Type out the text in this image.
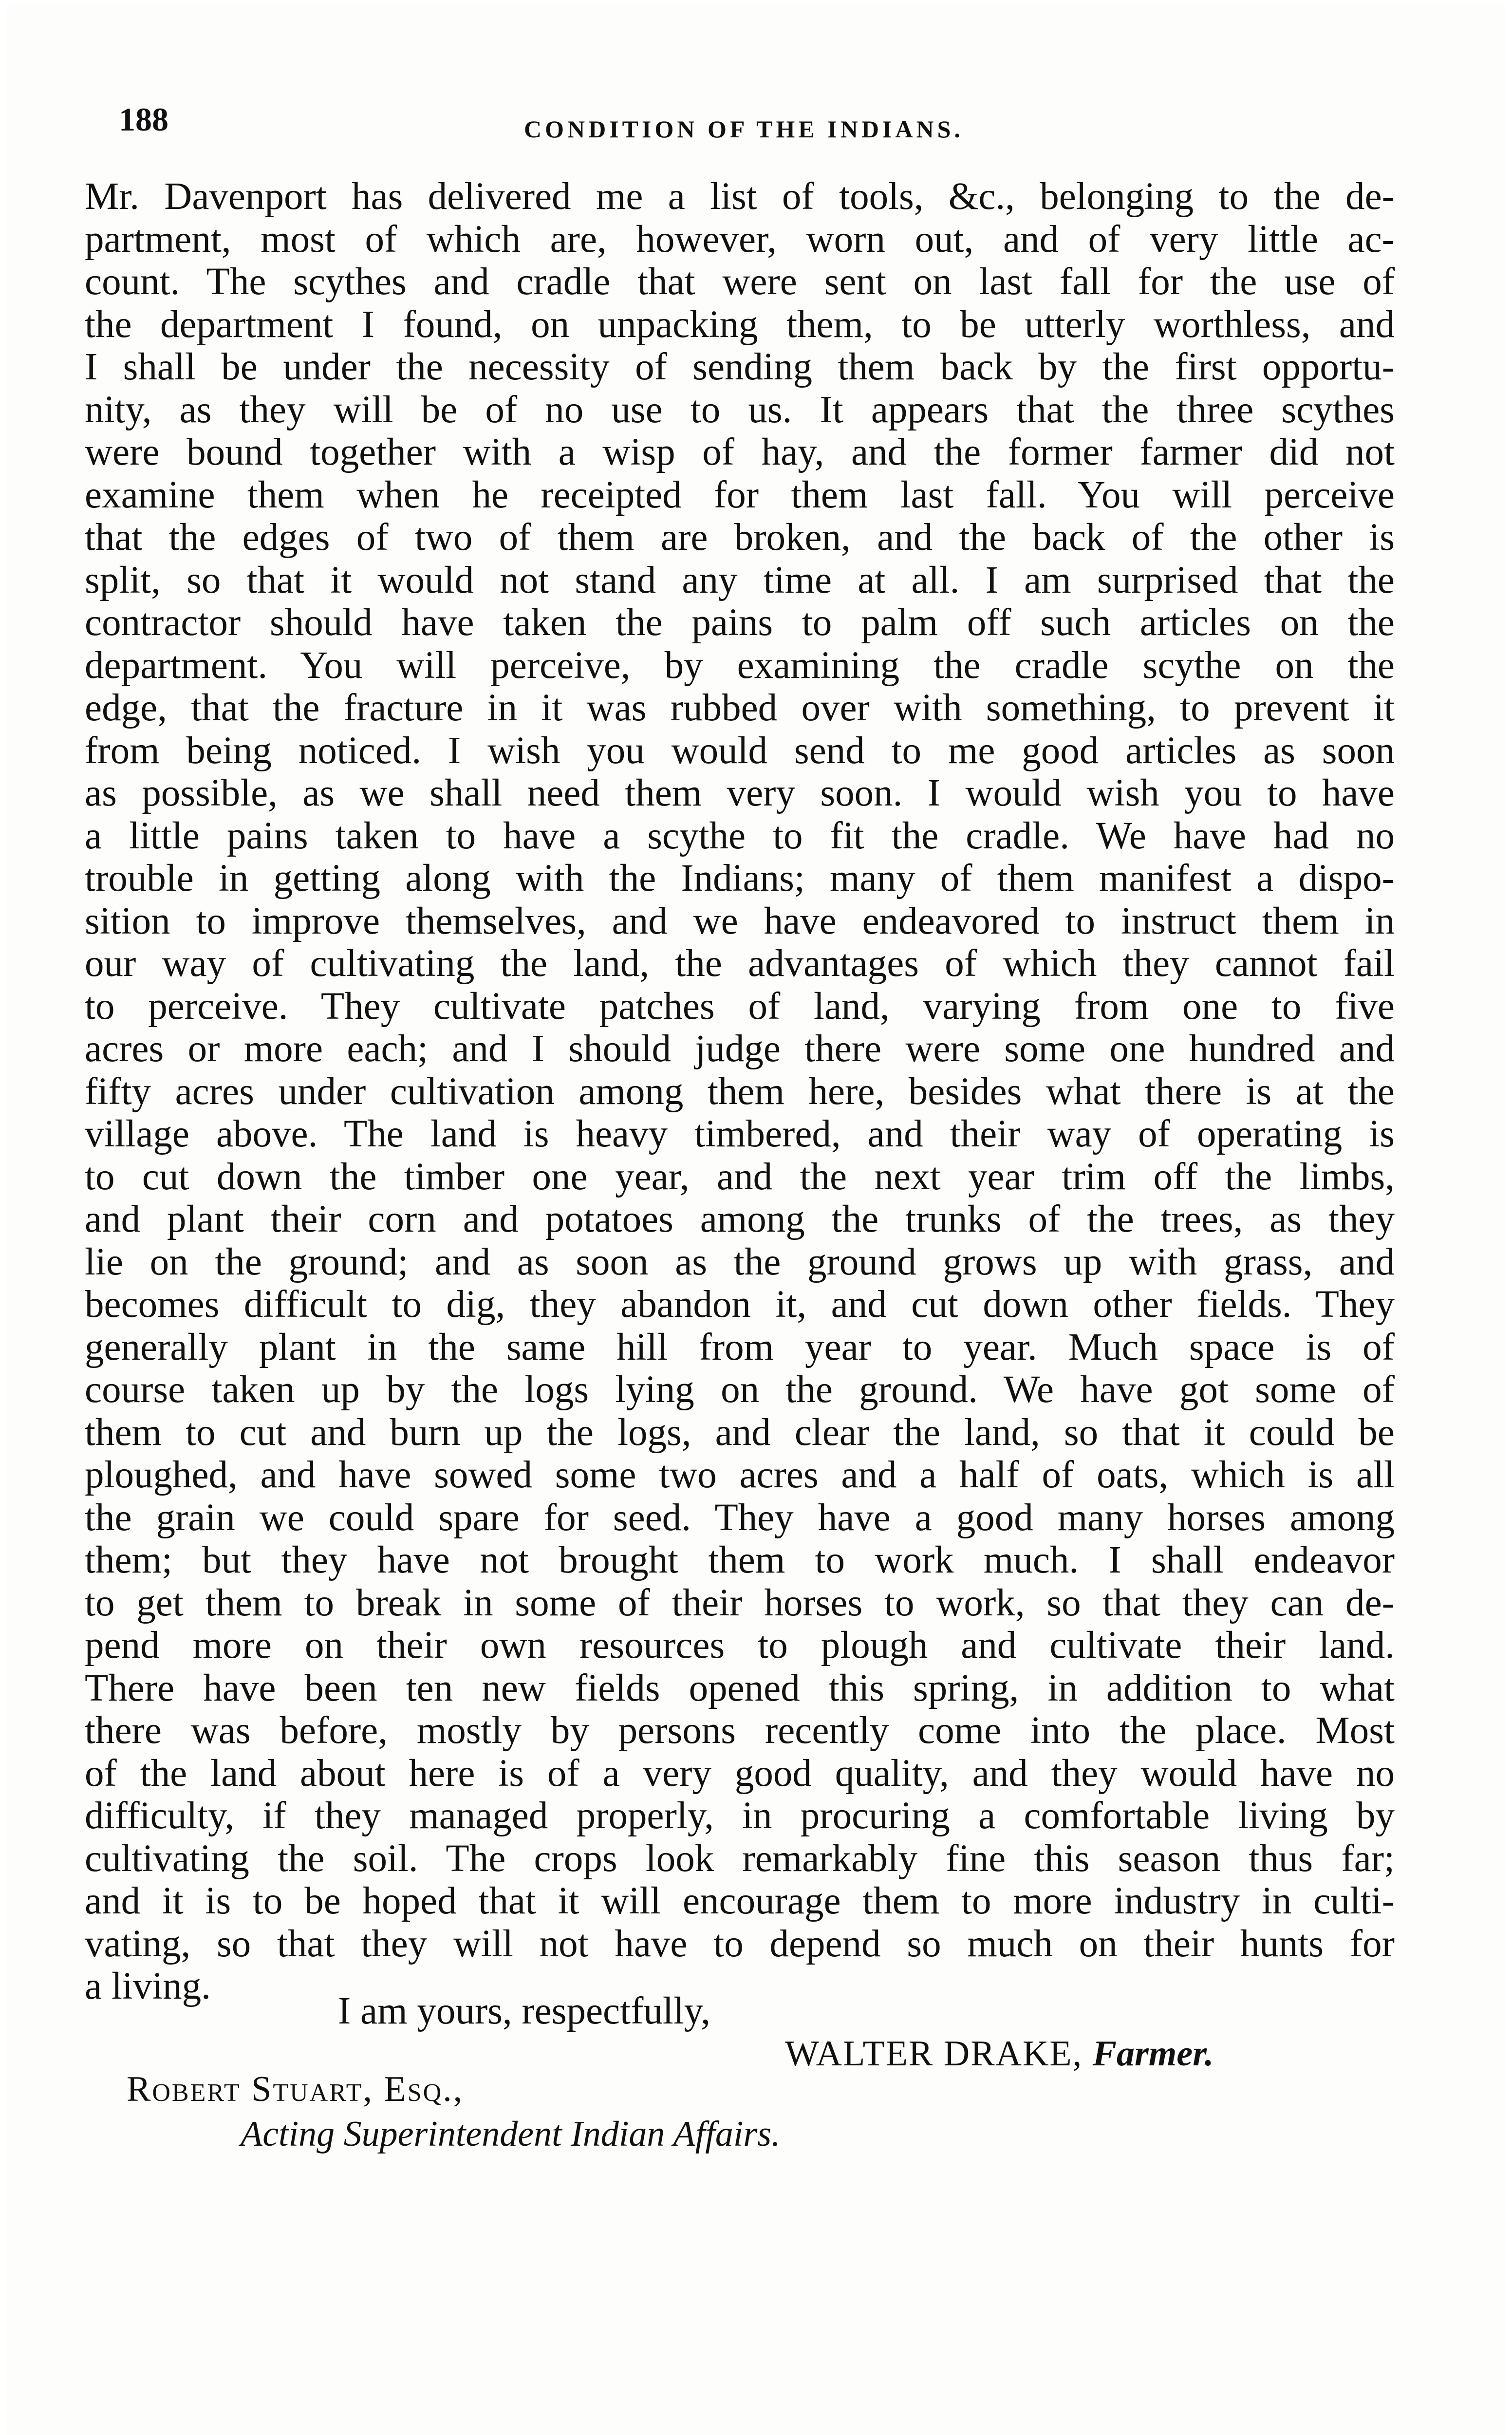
188	CONDITION OF THE INDIANS.
Mr. Davenport has delivered me a list of tools, &c., belonging to the de-
partment, most of which are, however, worn out, and of very little ac-
count. The scythes and cradle that were sent on last fall for the use of
the department I found, on unpacking them, to be utterly worthless, and
I shall be under the necessity of sending them back by the first opportu-
nity, as they will be of no use to us. It appears that the three scythes
were bound together with a wisp of hay, and the former farmer did not
examine them when he receipted for them last fall. You will perceive
that the edges of two of them are broken, and the back of the other is
split, so that it would not stand any time at all. I am surprised that the
contractor should have taken the pains to palm off such articles on the
department. You will perceive, by examining the cradle scythe on the
edge, that the fracture in it was rubbed over with something, to prevent it
from being noticed. I wish you would send to me good articles as soon
as possible, as we shall need them very soon. I would wish you to have
a little pains taken to have a scythe to fit the cradle. We have had no
trouble in getting along with the Indians; many of them manifest a dispo-
sition to improve themselves, and we have endeavored to instruct them in
our way of cultivating the land, the advantages of which they cannot fail
to perceive. They cultivate patches of land, varying from one to five
acres or more each; and I should judge there were some one hundred and
fifty acres under cultivation among them here, besides what there is at the
village above. The land is heavy timbered, and their way of operating is
to cut down the timber one year, and the next year trim off the limbs,
and plant their corn and potatoes among the trunks of the trees, as they
lie on the ground; and as soon as the ground grows up with grass, and
becomes difficult to dig, they abandon it, and cut down other fields. They
generally plant in the same hill from year to year. Much space is of
course taken up by the logs lying on the ground. We have got some of
them to cut and burn up the logs, and clear the land, so that it could be
ploughed, and have sowed some two acres and a half of oats, which is all
the grain we could spare for seed. They have a good many horses among
them; but they have not brought them to work much. I shall endeavor
to get them to break in some of their horses to work, so that they can de-
pend more on their own resources to plough and cultivate their land.
There have been ten new fields opened this spring, in addition to what
there was before, mostly by persons recently come into the place. Most
of the land about here is of a very good quality, and they would have no
difficulty, if they managed properly, in procuring a comfortable living by
cultivating the soil. The crops look remarkably fine this season thus far;
and it is to be hoped that it will encourage them to more industry in culti-
vating, so that they will not have to depend so much on their hunts for
a living.
I am yours, respectfully,
WALTER DRAKE, Farmer.
Robert Stuart, Esq.,
Acting Superintendent Indian Affairs.
